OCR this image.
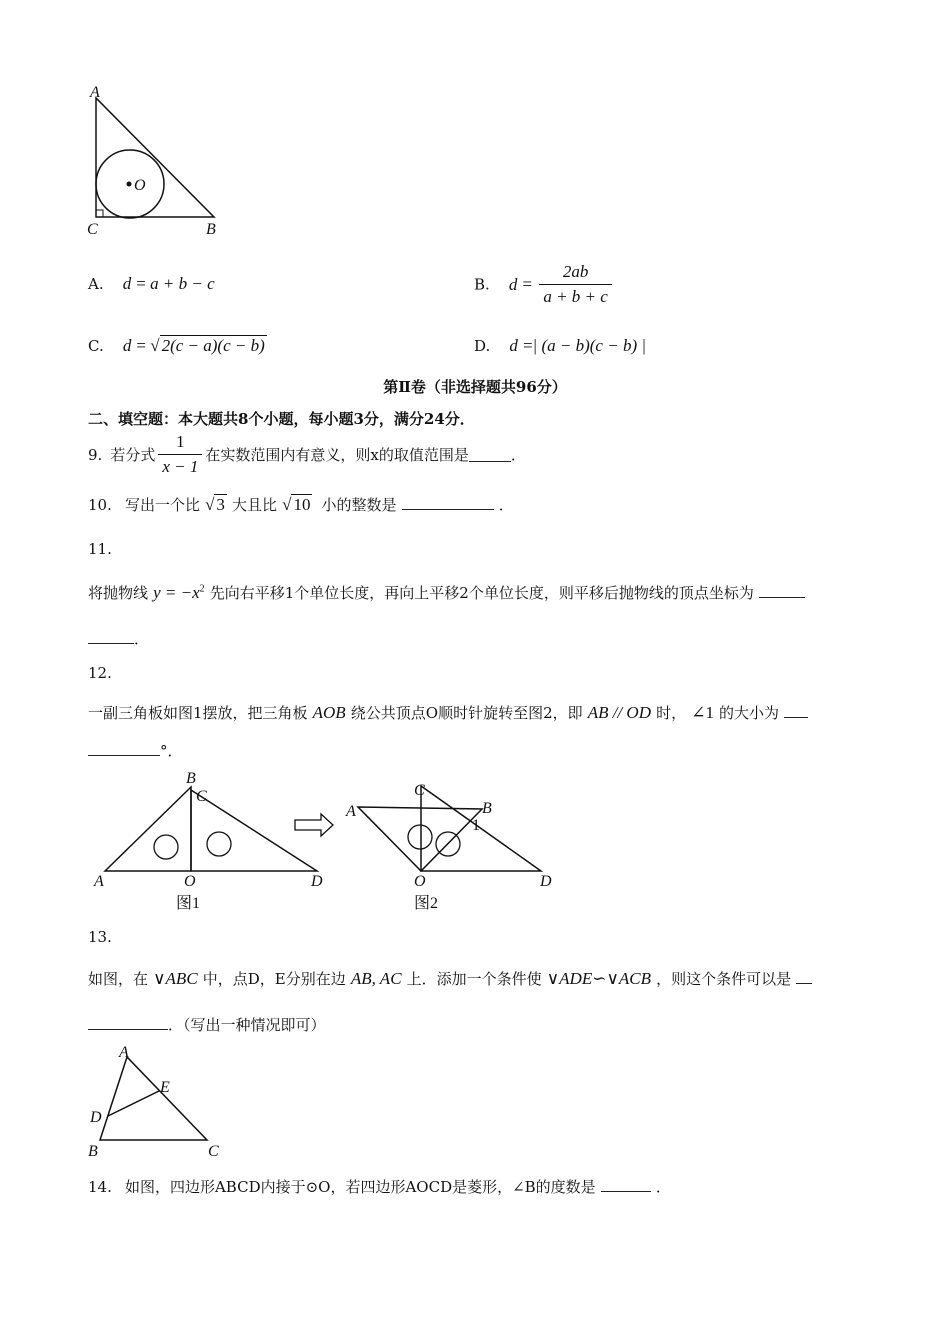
A
C	B
O
A. d = a + b − c	B. $d = \frac{2ab}{a + b + c}$
C. d = √ 2(c − a)(c − b)	D. d =| (a − b)(c − b) |
第Ⅱ卷（非选择题共96分）
二、填空题：本大题共8个小题，每小题3分，满分24分．
9. 若分式 $\frac{1}{x - 1}$ 在实数范围内有意义，则x的取值范围是	．
10. 写出一个比 √ 3 大且比 √ 10 小的整数是	．
11.
将抛物线 $y = -x^2$ 先向右平移1个单位长度，再向上平移2个单位长度，则平移后抛物线的顶点坐标为
．
12.
一副三角板如图1摆放，把三角板 AOB 绕公共顶点O顺时针旋转至图2，即 AB // OD 时， ∠1 的大小为
°．
A
B
C
O	D
图1
A	B
C
O	D
1
图2
13.
如图，在 ∨ABC 中，点D，E分别在边 AB, AC 上．添加一个条件使 ∨ADE∽∨ACB ，则这个条件可以是
．（写出一种情况即可）
A
D
E
B	C
14. 如图，四边形ABCD内接于⊙O，若四边形AOCD是菱形，∠B的度数是	．
